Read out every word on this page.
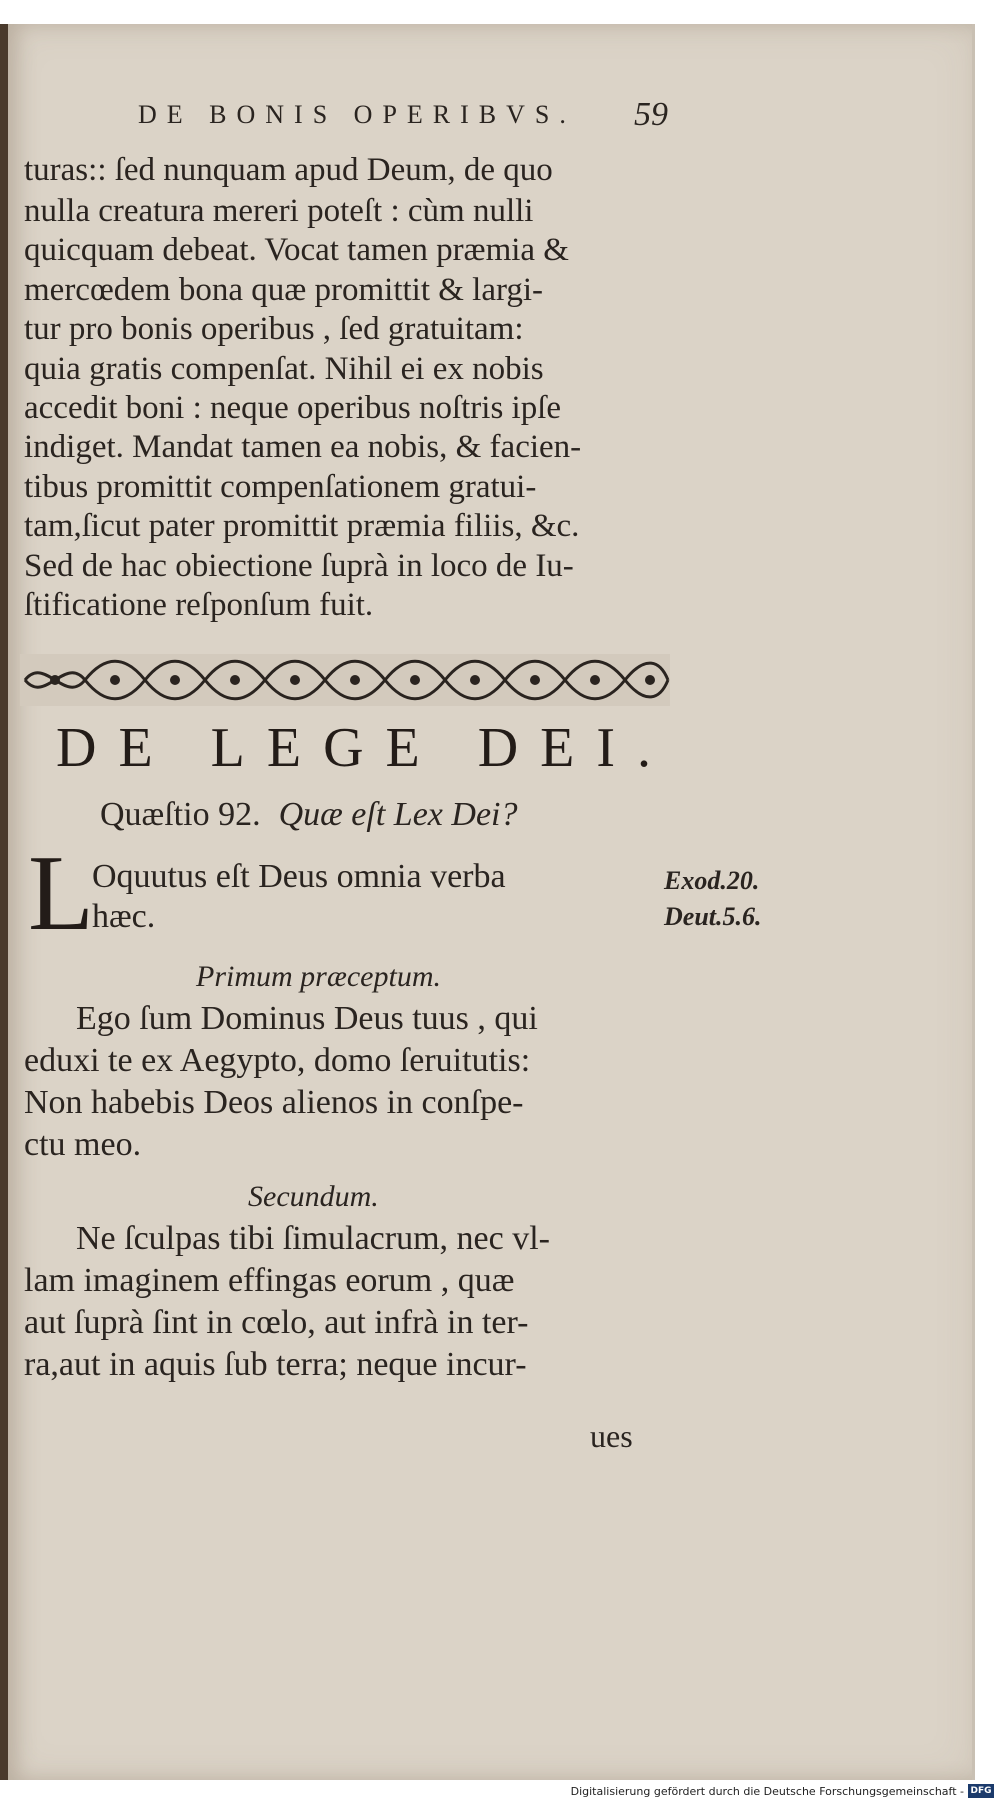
DE BONIS OPERIBVS. 59
turas:: ſed nunquam apud Deum, de quo
nulla creatura mereri poteſt : cùm nulli
quicquam debeat. Vocat tamen præmia &
mercœdem bona quæ promittit & largi-
tur pro bonis operibus , ſed gratuitam:
quia gratis compenſat. Nihil ei ex nobis
accedit boni : neque operibus noſtris ipſe
indiget. Mandat tamen ea nobis, & facien-
tibus promittit compenſationem gratui-
tam,ſicut pater promittit præmia filiis, &c.
Sed de hac obiectione ſuprà in loco de Iu-
ſtificatione reſponſum fuit.
DE LEGE DEI.
Quæſtio 92. Quæ eſt Lex Dei?
L
Oquutus eſt Deus omnia verba
hæc.
Exod.20.
Deut.5.6.
Primum præceptum.
Ego ſum Dominus Deus tuus , qui
eduxi te ex Aegypto, domo ſeruitutis:
Non habebis Deos alienos in conſpe-
ctu meo.
Secundum.
Ne ſculpas tibi ſimulacrum, nec vl-
lam imaginem effingas eorum , quæ
aut ſuprà ſint in cœlo, aut infrà in ter-
ra,aut in aquis ſub terra; neque incur-
ues
Digitalisierung gefördert durch die Deutsche Forschungsgemeinschaft - DFG
